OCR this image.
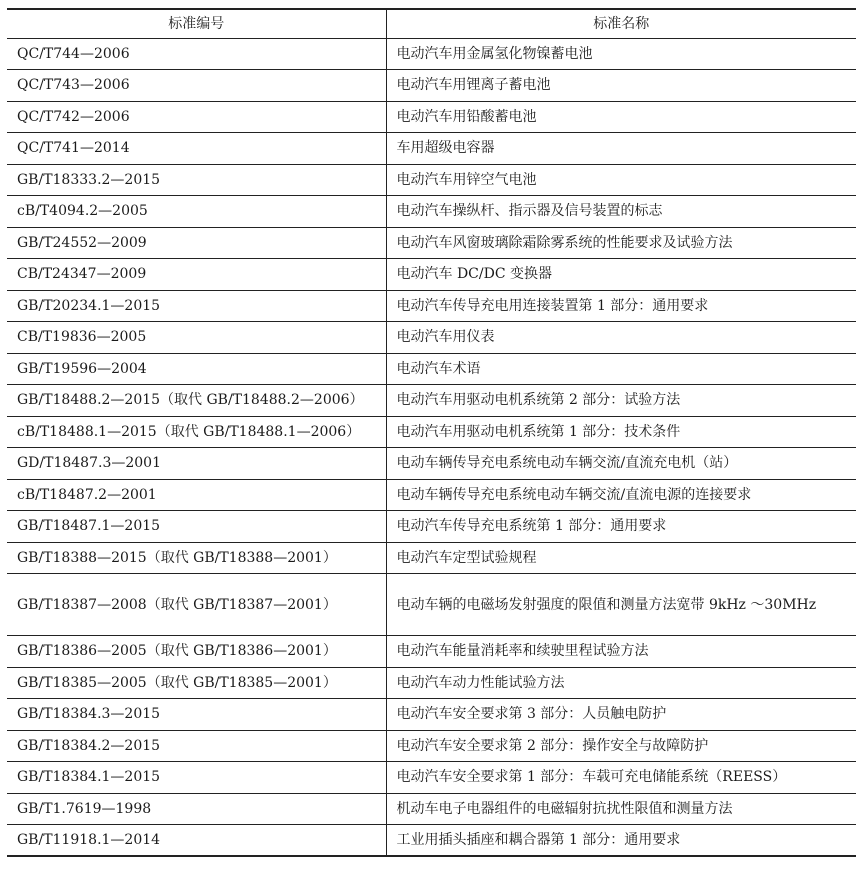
标准编号	标准名称
QC/T744—2006	电动汽车用金属氢化物镍蓄电池
QC/T743—2006	电动汽车用锂离子蓄电池
QC/T742—2006	电动汽车用铅酸蓄电池
QC/T741—2014	车用超级电容器
GB/T18333.2—2015	电动汽车用锌空气电池
cB/T4094.2—2005	电动汽车操纵杆、指示器及信号装置的标志
GB/T24552—2009	电动汽车风窗玻璃除霜除雾系统的性能要求及试验方法
CB/T24347—2009	电动汽车 DC/DC 变换器
GB/T20234.1—2015	电动汽车传导充电用连接装置第 1 部分：通用要求
CB/T19836—2005	电动汽车用仪表
GB/T19596—2004	电动汽车术语
GB/T18488.2—2015（取代 GB/T18488.2—2006）	电动汽车用驱动电机系统第 2 部分：试验方法
cB/T18488.1—2015（取代 GB/T18488.1—2006）	电动汽车用驱动电机系统第 1 部分：技术条件
GD/T18487.3—2001	电动车辆传导充电系统电动车辆交流/直流充电机（站）
cB/T18487.2—2001	电动车辆传导充电系统电动车辆交流/直流电源的连接要求
GB/T18487.1—2015	电动汽车传导充电系统第 1 部分：通用要求
GB/T18388—2015（取代 GB/T18388—2001）	电动汽车定型试验规程
GB/T18387—2008（取代 GB/T18387—2001）	电动车辆的电磁场发射强度的限值和测量方法宽带 9kHz ～30MHz
GB/T18386—2005（取代 GB/T18386—2001）	电动汽车能量消耗率和续驶里程试验方法
GB/T18385—2005（取代 GB/T18385—2001）	电动汽车动力性能试验方法
GB/T18384.3—2015	电动汽车安全要求第 3 部分：人员触电防护
GB/T18384.2—2015	电动汽车安全要求第 2 部分：操作安全与故障防护
GB/T18384.1—2015	电动汽车安全要求第 1 部分：车载可充电储能系统（REESS）
GB/T1.7619—1998	机动车电子电器组件的电磁辐射抗扰性限值和测量方法
GB/T11918.1—2014	工业用插头插座和耦合器第 1 部分：通用要求
